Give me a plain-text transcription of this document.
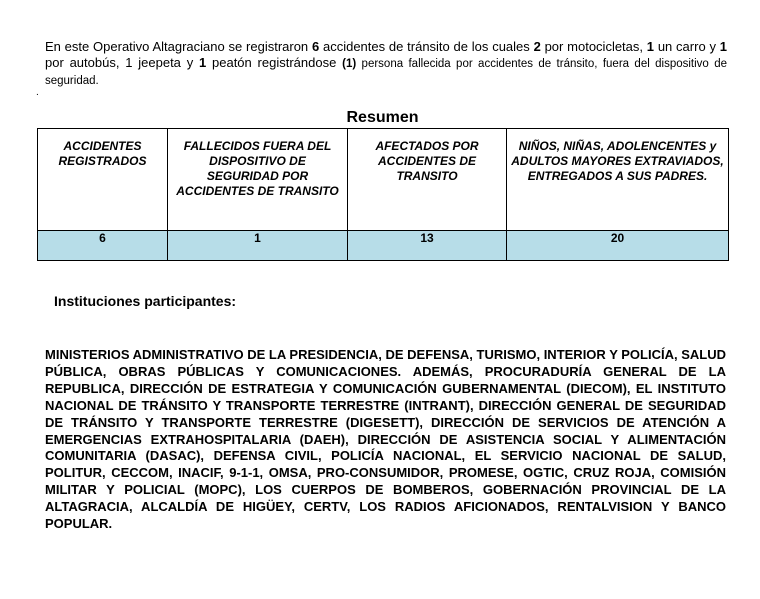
En este Operativo Altagraciano se registraron 6 accidentes de tránsito de los cuales 2 por motocicletas, 1 un carro y 1 por autobús, 1 jeepeta y 1 peatón registrándose (1) persona fallecida por accidentes de tránsito, fuera del dispositivo de seguridad.

.
Resumen
ACCIDENTES REGISTRADOS	FALLECIDOS FUERA DEL DISPOSITIVO DE SEGURIDAD POR ACCIDENTES DE TRANSITO	AFECTADOS POR ACCIDENTES DE TRANSITO	NIÑOS, NIÑAS, ADOLENCENTES y ADULTOS MAYORES EXTRAVIADOS, ENTREGADOS A SUS PADRES.
6	1	13	20

Instituciones participantes:

MINISTERIOS ADMINISTRATIVO DE LA PRESIDENCIA, DE DEFENSA, TURISMO, INTERIOR Y POLICÍA, SALUD PÚBLICA, OBRAS PÚBLICAS Y COMUNICACIONES. ADEMÁS, PROCURADURÍA GENERAL DE LA REPUBLICA, DIRECCIÓN DE ESTRATEGIA Y COMUNICACIÓN GUBERNAMENTAL (DIECOM), EL INSTITUTO NACIONAL DE TRÁNSITO Y TRANSPORTE TERRESTRE (INTRANT), DIRECCIÓN GENERAL DE SEGURIDAD DE TRÁNSITO Y TRANSPORTE TERRESTRE (DIGESETT), DIRECCIÓN DE SERVICIOS DE ATENCIÓN A EMERGENCIAS EXTRAHOSPITALARIA (DAEH), DIRECCIÓN DE ASISTENCIA SOCIAL Y ALIMENTACIÓN COMUNITARIA (DASAC), DEFENSA CIVIL, POLICÍA NACIONAL, EL SERVICIO NACIONAL DE SALUD, POLITUR, CECCOM, INACIF, 9-1-1, OMSA, PRO-CONSUMIDOR, PROMESE, OGTIC, CRUZ ROJA, COMISIÓN MILITAR Y POLICIAL (MOPC), LOS CUERPOS DE BOMBEROS, GOBERNACIÓN PROVINCIAL DE LA ALTAGRACIA, ALCALDÍA DE HIGÜEY, CERTV, LOS RADIOS AFICIONADOS, RENTALVISION Y BANCO POPULAR.
